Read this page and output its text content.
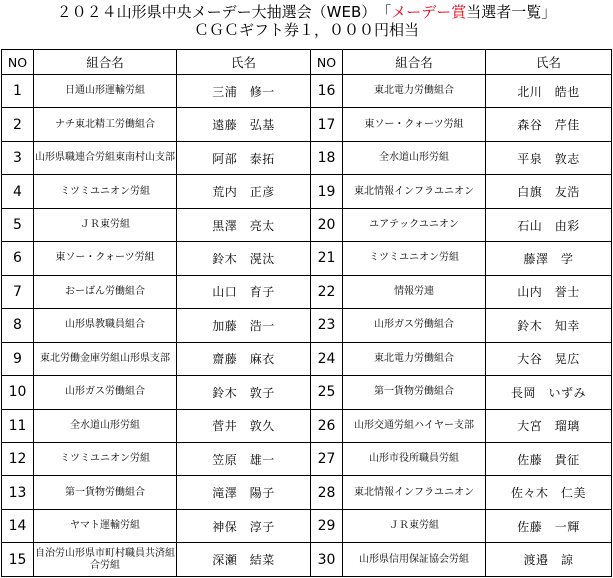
２０２４山形県中央メーデー大抽選会（WEB）　「メーデー賞当選者一覧」
ＣＧＣギフト券１，０００円相当
NO	組合名	氏名	NO	組合名	氏名
1	日通山形運輸労組	三浦　修一	16	東北電力労働組合	北川　皓也
2	ナチ東北精工労働組合	遠藤　弘基	17	東ソー・クォーツ労組	森谷　芹佳
3	山形県職連合労組東南村山支部	阿部　泰拓	18	全水道山形労組	平泉　敦志
4	ミツミユニオン労組	荒内　正彦	19	東北情報インフラユニオン	白旗　友浩
5	ＪＲ東労組	黒澤　亮太	20	ユアテックユニオン	石山　由彩
6	東ソー・クォーツ労組	鈴木　滉汰	21	ミツミユニオン労組	藤澤　学
7	おーばん労働組合	山口　育子	22	情報労連	山内　誉士
8	山形県教職員組合	加藤　浩一	23	山形ガス労働組合	鈴木　知幸
9	東北労働金庫労組山形県支部	齋藤　麻衣	24	東北電力労働組合	大谷　晃広
10	山形ガス労働組合	鈴木　敦子	25	第一貨物労働組合	長岡　いずみ
11	全水道山形労組	菅井　敦久	26	山形交通労組ハイヤー支部	大宮　瑠璃
12	ミツミユニオン労組	笠原　雄一	27	山形市役所職員労組	佐藤　貴征
13	第一貨物労働組合	滝澤　陽子	28	東北情報インフラユニオン	佐々木　仁美
14	ヤマト運輸労組	神保　淳子	29	ＪＲ東労組	佐藤　一輝
15	自治労山形県市町村職員共済組合労組	深瀬　結菜	30	山形県信用保証協会労組	渡邉　諒
